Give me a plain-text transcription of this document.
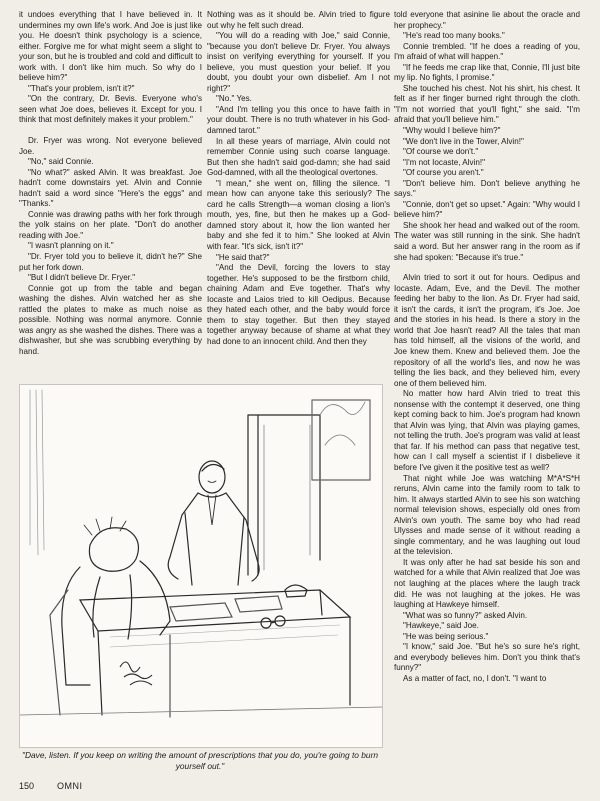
it undoes everything that I have believed in. It undermines my own life's work. And Joe is just like you. He doesn't think psychology is a science, either. Forgive me for what might seem a slight to your son, but he is troubled and cold and difficult to work with. I don't like him much. So why do I believe him?"

"That's your problem, isn't it?"

"On the contrary, Dr. Bevis. Everyone who's seen what Joe does, believes it. Except for you. I think that most definitely makes it your problem."

Dr. Fryer was wrong. Not everyone believed Joe.

"No," said Connie.

"No what?" asked Alvin. It was breakfast. Joe hadn't come downstairs yet. Alvin and Connie hadn't said a word since "Here's the eggs" and "Thanks."

Connie was drawing paths with her fork through the yolk stains on her plate. "Don't do another reading with Joe."

"I wasn't planning on it."

"Dr. Fryer told you to believe it, didn't he?" She put her fork down.

"But I didn't believe Dr. Fryer."

Connie got up from the table and began washing the dishes. Alvin watched her as she rattled the plates to make as much noise as possible. Nothing was normal anymore. Connie was angry as she washed the dishes. There was a dishwasher, but she was scrubbing everything by hand.

Nothing was as it should be. Alvin tried to figure out why he felt such dread.

"You will do a reading with Joe," said Connie, "because you don't believe Dr. Fryer. You always insist on verifying everything for yourself. If you believe, you must question your belief. If you doubt, you doubt your own disbelief. Am I not right?"

"No." Yes.

"And I'm telling you this once to have faith in your doubt. There is no truth whatever in his God-damned tarot."

In all these years of marriage, Alvin could not remember Connie using such coarse language. But then she hadn't said god-damn; she had said God-damned, with all the theological overtones.

"I mean," she went on, filling the silence. "I mean how can anyone take this seriously? The card he calls Strength—a woman closing a lion's mouth, yes, fine, but then he makes up a God-damned story about it, how the lion wanted her baby and she fed it to him." She looked at Alvin with fear. "It's sick, isn't it?"

"He said that?"

"And the Devil, forcing the lovers to stay together. He's supposed to be the firstborn child, chaining Adam and Eve together. That's why Iocaste and Laios tried to kill Oedipus. Because they hated each other, and the baby would force them to stay together. But then they stayed together anyway because of shame at what they had done to an innocent child. And then they

told everyone that asinine lie about the oracle and her prophecy."

"He's read too many books."

Connie trembled. "If he does a reading of you, I'm afraid of what will happen."

"If he feeds me crap like that, Connie, I'll just bite my lip. No fights, I promise."

She touched his chest. Not his shirt, his chest. It felt as if her finger burned right through the cloth. "I'm not worried that you'll fight," she said. "I'm afraid that you'll believe him."

"Why would I believe him?"

"We don't live in the Tower, Alvin!"

"Of course we don't."

"I'm not Iocaste, Alvin!"

"Of course you aren't."

"Don't believe him. Don't believe anything he says."

"Connie, don't get so upset." Again: "Why would I believe him?"

She shook her head and walked out of the room. The water was still running in the sink. She hadn't said a word. But her answer rang in the room as if she had spoken: "Because it's true."

Alvin tried to sort it out for hours. Oedipus and Iocaste. Adam, Eve, and the Devil. The mother feeding her baby to the lion. As Dr. Fryer had said, it isn't the cards, it isn't the program, it's Joe. Joe and the stories in his head. Is there a story in the world that Joe hasn't read? All the tales that man has told himself, all the visions of the world, and Joe knew them. Knew and believed them. Joe the repository of all the world's lies, and now he was telling the lies back, and they believed him, every one of them believed him.

No matter how hard Alvin tried to treat this nonsense with the contempt it deserved, one thing kept coming back to him. Joe's program had known that Alvin was lying, that Alvin was playing games, not telling the truth. Joe's program was valid at least that far. If his method can pass that negative test, how can I call myself a scientist if I disbelieve it before I've given it the positive test as well?

That night while Joe was watching M*A*S*H reruns, Alvin came into the family room to talk to him. It always startled Alvin to see his son watching normal television shows, especially old ones from Alvin's own youth. The same boy who had read Ulysses and made sense of it without reading a single commentary, and he was laughing out loud at the television.

It was only after he had sat beside his son and watched for a while that Alvin realized that Joe was not laughing at the places where the laugh track did. He was not laughing at the jokes. He was laughing at Hawkeye himself.

"What was so funny?" asked Alvin.

"Hawkeye," said Joe.

"He was being serious."

"I know," said Joe. "But he's so sure he's right, and everybody believes him. Don't you think that's funny?"

As a matter of fact, no, I don't. "I want to

"Dave, listen. If you keep on writing the amount of prescriptions that you do, you're going to burn yourself out."
150	OMNI
